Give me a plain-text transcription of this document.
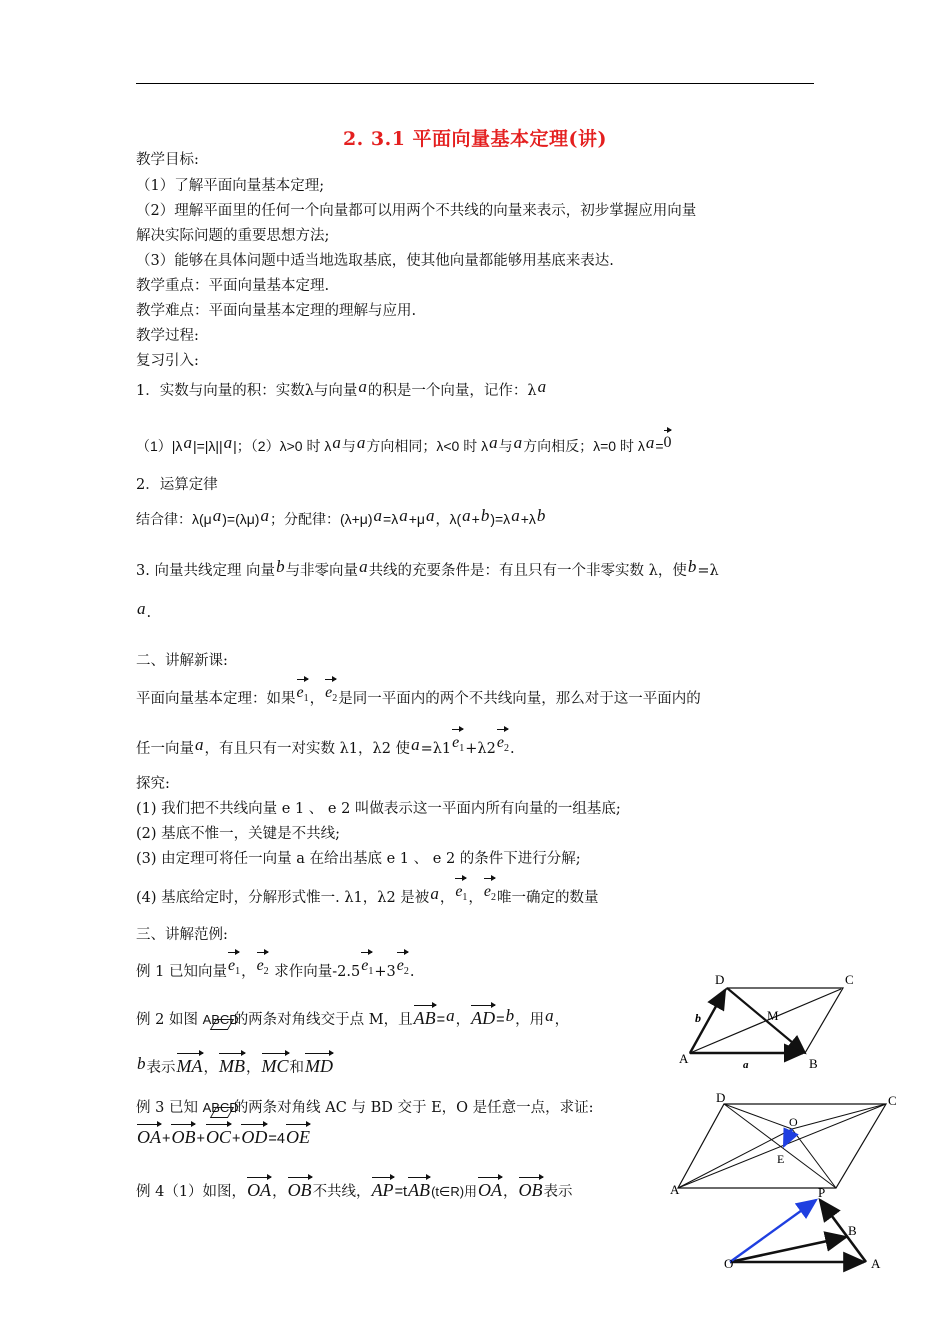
2. 3.1 平面向量基本定理(讲)
教学目标:
（1）了解平面向量基本定理;
（2）理解平面里的任何一个向量都可以用两个不共线的向量来表示，初步掌握应用向量
解决实际问题的重要思想方法;
（3）能够在具体问题中适当地选取基底，使其他向量都能够用基底来表达.
教学重点：平面向量基本定理.
教学难点：平面向量基本定理的理解与应用.
教学过程:
复习引入:
1．实数与向量的积：实数λ与向量a的积是一个向量，记作：λa
（1）|λa|=|λ||a|；（2）λ>0 时 λa与a方向相同；λ<0 时 λa与a方向相反；λ=0 时 λa=0
2．运算定律
结合律：λ(μa)=(λμ)a；分配律：(λ+μ)a=λa+μa，λ(a+b)=λa+λb
3. 向量共线定理 向量b与非零向量a共线的充要条件是：有且只有一个非零实数 λ，使b=λ
a.
二、讲解新课:
平面向量基本定理：如果$e_1$，$e_2$是同一平面内的两个不共线向量，那么对于这一平面内的
任一向量a，有且只有一对实数 λ1，λ2 使$a=\lambda 1e_1+\lambda 2e_2$.
探究:
(1) 我们把不共线向量 e 1 、 e 2 叫做表示这一平面内所有向量的一组基底;
(2) 基底不惟一，关键是不共线;
(3) 由定理可将任一向量 a 在给出基底 e 1 、 e 2 的条件下进行分解;
(4) 基底给定时，分解形式惟一. λ1，λ2 是被a，$e_1$，$e_2$唯一确定的数量
三、讲解范例:
例 1 已知向量$e_1$，$e_2$ 求作向量$-2.5e_1+3e_2$.
例 2 如图 ABCD的两条对角线交于点 M，且AB=a，AD=b，用a，
b表示MA，MB，MC和MD
例 3 已知 ABCD的两条对角线 AC 与 BD 交于 E，O 是任意一点，求证:
OA+OB+OC+OD=4OE
例 4（1）如图，OA，OB不共线，AP=tAB(t∈R)用OA，OB表示
D	C
M
A	B
b
a
D	C
O
E
A	P
B
O	A
